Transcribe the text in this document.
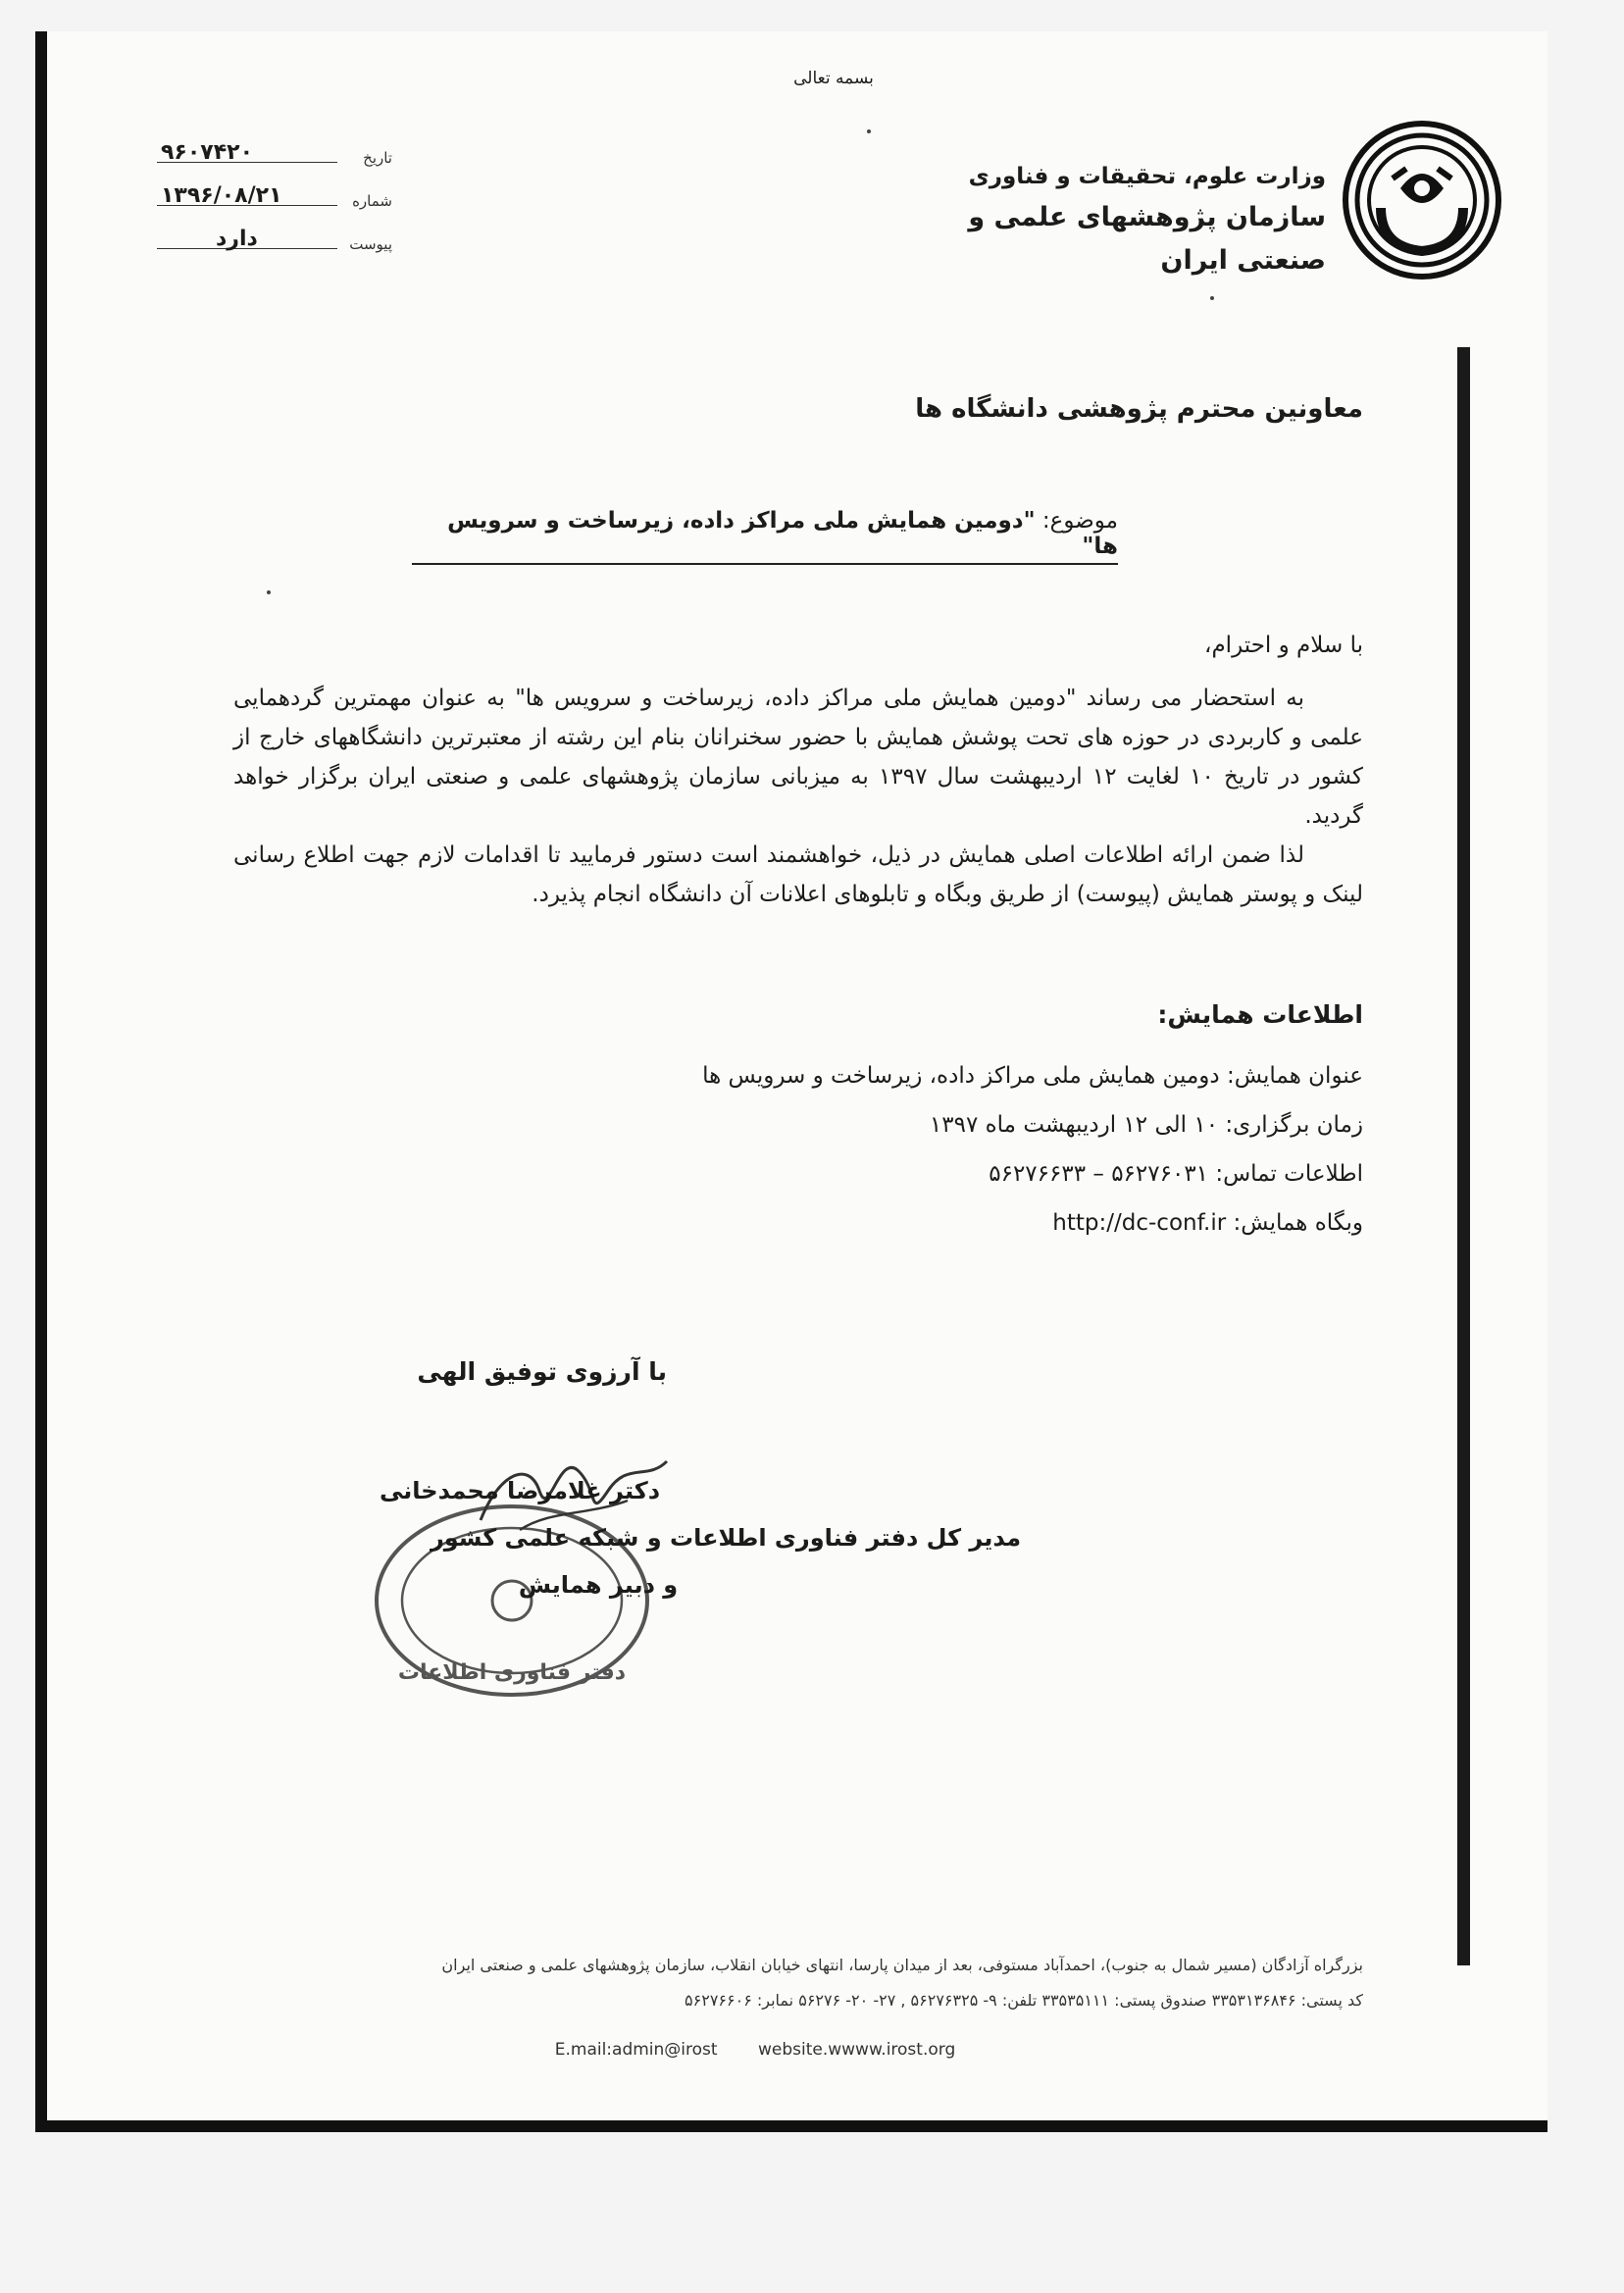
بسمه تعالی
تاریخ
۹۶۰۷۴۲۰
شماره
۱۳۹۶/۰۸/۲۱
پیوست
دارد
وزارت علوم، تحقیقات و فناوری
سازمان پژوهشهای علمی و صنعتی ایران
معاونین محترم پژوهشی دانشگاه ها
موضوع: "دومین همایش ملی مراکز داده، زیرساخت و سرویس ها"
با سلام و احترام،

به استحضار می رساند "دومین همایش ملی مراکز داده، زیرساخت و سرویس ها" به عنوان مهمترین گردهمایی علمی و کاربردی در حوزه های تحت پوشش همایش با حضور سخنرانان بنام این رشته از معتبرترین دانشگاههای خارج از کشور در تاریخ ۱۰ لغایت ۱۲ اردیبهشت سال ۱۳۹۷ به میزبانی سازمان پژوهشهای علمی و صنعتی ایران برگزار خواهد گردید.

لذا ضمن ارائه اطلاعات اصلی همایش در ذیل، خواهشمند است دستور فرمایید تا اقدامات لازم جهت اطلاع رسانی لینک و پوستر همایش (پیوست) از طریق وبگاه و تابلوهای اعلانات آن دانشگاه انجام پذیرد.

اطلاعات همایش:
عنوان همایش: دومین همایش ملی مراکز داده، زیرساخت و سرویس ها
زمان برگزاری: ۱۰ الی ۱۲ اردیبهشت ماه ۱۳۹۷
اطلاعات تماس: ۵۶۲۷۶۶۳۳ – ۵۶۲۷۶۰۳۱
وبگاه همایش: http://dc-conf.ir
با آرزوی توفیق الهی
دفتر فناوری اطلاعات
دکتر غلامرضا محمدخانی
مدیر کل دفتر فناوری اطلاعات و شبکه علمی کشور
و دبیر همایش
بزرگراه آزادگان (مسیر شمال به جنوب)، احمدآباد مستوفی، بعد از میدان پارسا، انتهای خیابان انقلاب، سازمان پژوهشهای علمی و صنعتی ایران
کد پستی: ۳۳۵۳۱۳۶۸۴۶ صندوق پستی: ۳۳۵۳۵۱۱۱ تلفن: ۹- ۵۶۲۷۶۳۲۵ , ۲۷- ۲۰- ۵۶۲۷۶ نمابر: ۵۶۲۷۶۶۰۶
E.mail:admin@irost website.wwww.irost.org
